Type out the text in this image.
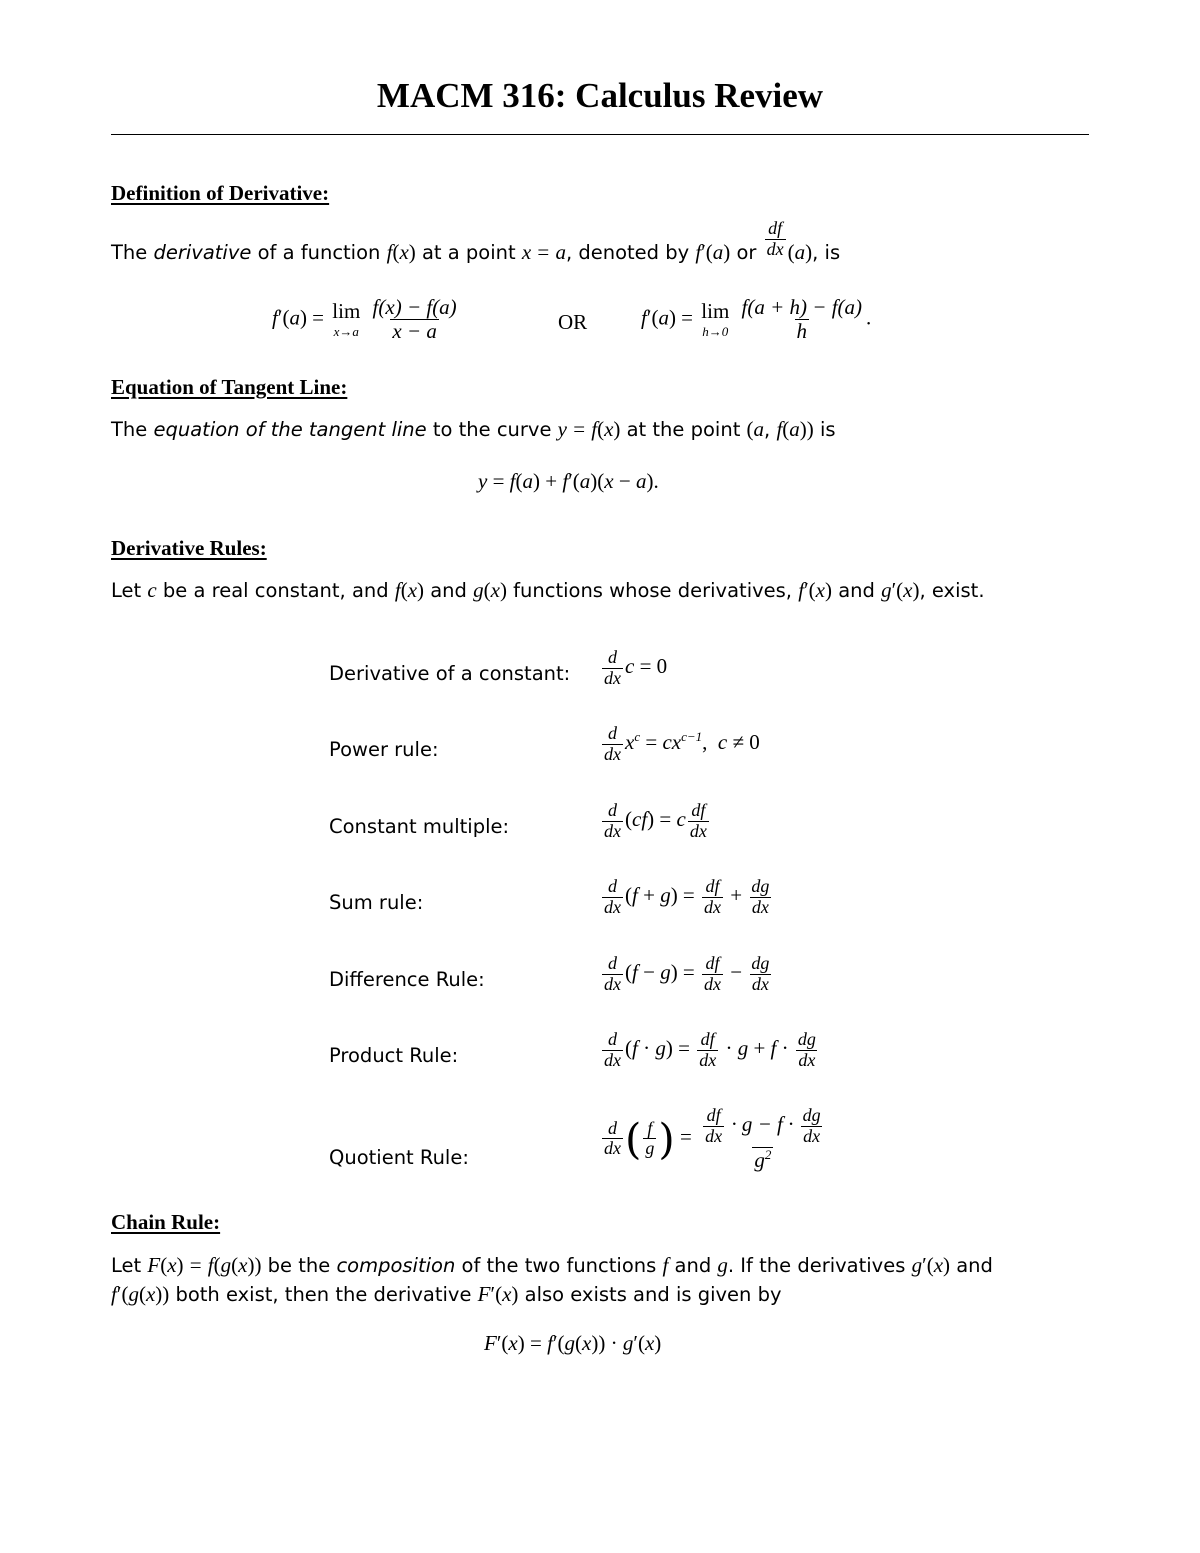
MACM 316: Calculus Review
Definition of Derivative:
The derivative of a function f(x) at a point x = a, denoted by f′(a) or $\frac{df}{dx} (a)$, is
f′(a) = lim
x→a
$\frac{f(x) - f(a)}{x - a}$	OR	f′(a) = lim
h→0
$\frac{f(a + h) - f(a)}{h}$ .
Equation of Tangent Line:
The equation of the tangent line to the curve y = f(x) at the point (a, f(a)) is
y = f(a) + f′(a)(x − a).
Derivative Rules:
Let c be a real constant, and f(x) and g(x) functions whose derivatives, f′(x) and g′(x), exist.
Derivative of a constant: $\frac{d}{dx}$ c = 0
Power rule:	$\frac{d}{dx} x^c = cx^{c-1}$,  c ≠ 0
Constant multiple:	$\frac{d}{dx} (cf) = c \frac{df}{dx}$
Sum rule:	$\frac{d}{dx} (f + g) = \frac{df}{dx} + \frac{dg}{dx}$
Difference Rule:	$\frac{d}{dx} (f - g) = \frac{df}{dx} - \frac{dg}{dx}$
Product Rule:	$\frac{d}{dx} (f \cdot g) = \frac{df}{dx} \cdot g + f \cdot \frac{dg}{dx}$
Quotient Rule:	$\frac{d}{dx}$ ( $\frac{f}{g}$ ) = $\frac{\frac{df}{dx} \cdot g - f \cdot \frac{dg}{dx}}{g^2}$
Chain Rule:
Let F(x) = f(g(x)) be the composition of the two functions f and g. If the derivatives g′(x) and
f′(g(x)) both exist, then the derivative F′(x) also exists and is given by
F′(x) = f′(g(x)) · g′(x)
